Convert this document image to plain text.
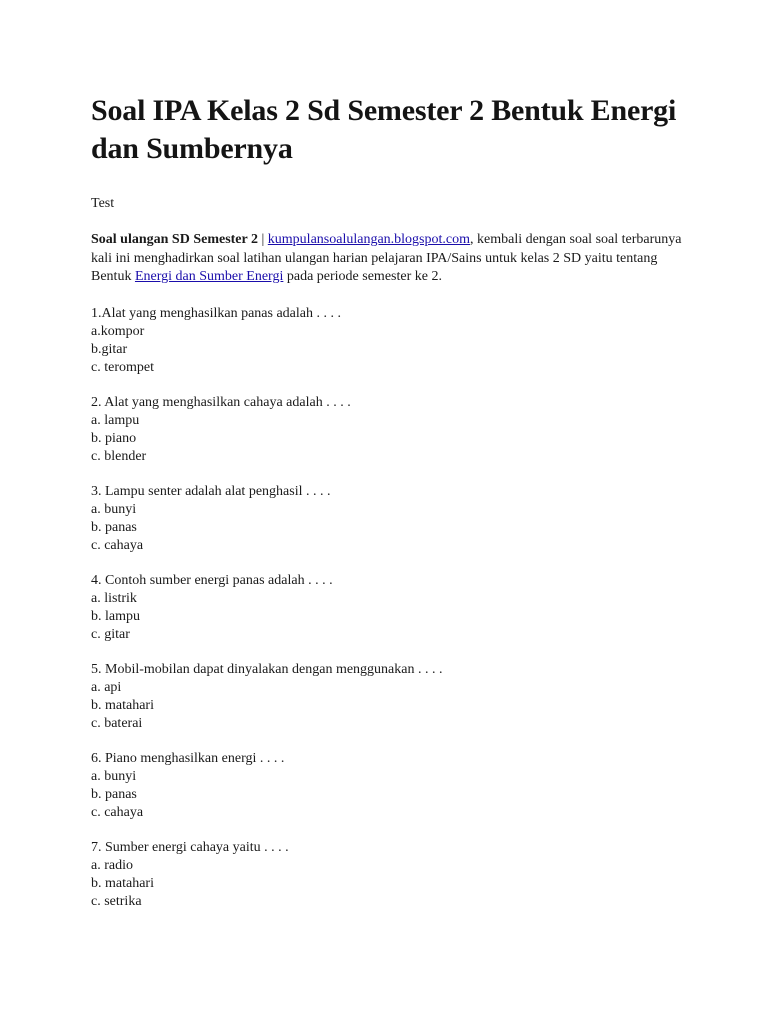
Soal IPA Kelas 2 Sd Semester 2 Bentuk Energi dan Sumbernya
Test

Soal ulangan SD Semester 2 | kumpulansoalulangan.blogspot.com, kembali dengan soal soal terbarunya kali ini menghadirkan soal latihan ulangan harian pelajaran IPA/Sains untuk kelas 2 SD yaitu tentang Bentuk Energi dan Sumber Energi pada periode semester ke 2.

1.Alat yang menghasilkan panas adalah . . . .
a.kompor
b.gitar
c. terompet
2. Alat yang menghasilkan cahaya adalah . . . .
a. lampu
b. piano
c. blender
3. Lampu senter adalah alat penghasil . . . .
a. bunyi
b. panas
c. cahaya
4. Contoh sumber energi panas adalah . . . .
a. listrik
b. lampu
c. gitar
5. Mobil-mobilan dapat dinyalakan dengan menggunakan . . . .
a. api
b. matahari
c. baterai
6. Piano menghasilkan energi . . . .
a. bunyi
b. panas
c. cahaya
7. Sumber energi cahaya yaitu . . . .
a. radio
b. matahari
c. setrika
